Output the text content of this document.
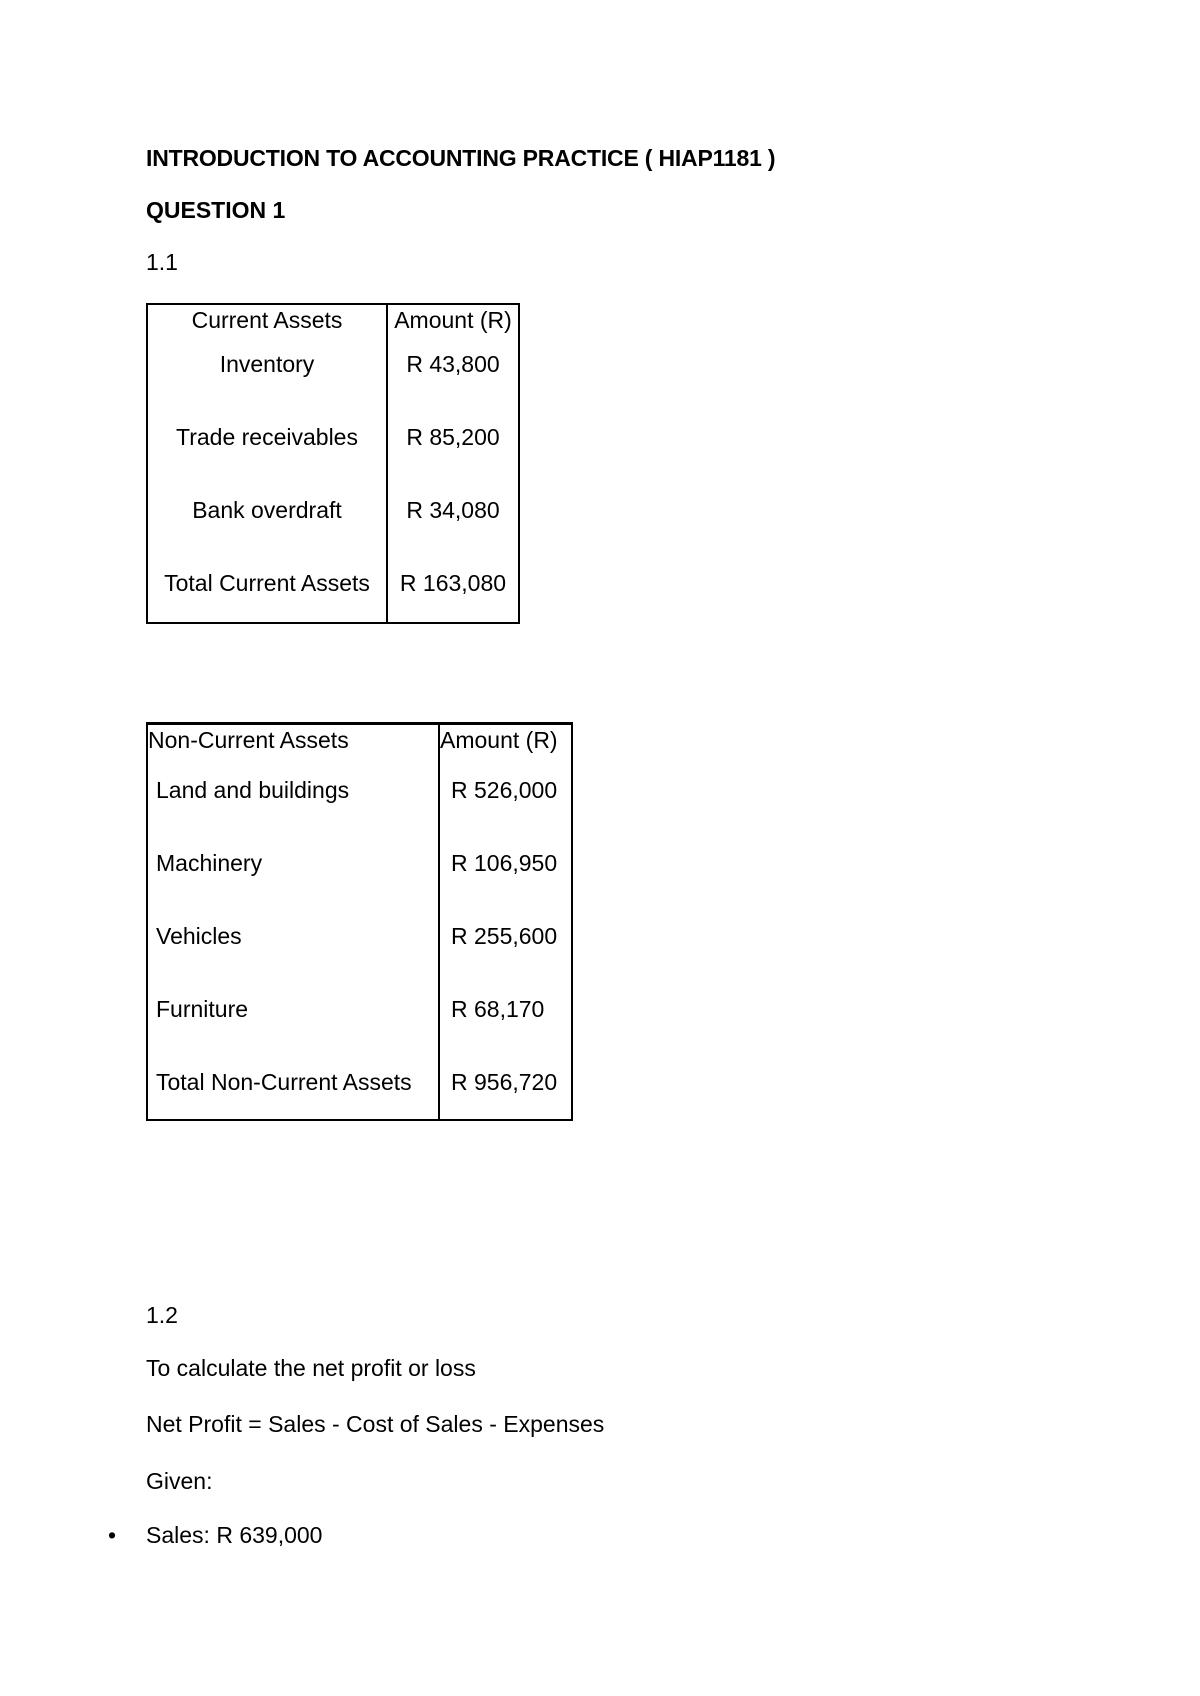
INTRODUCTION TO ACCOUNTING PRACTICE ( HIAP1181 )

QUESTION 1

1.1

Current Assets	Amount (R)
Inventory	R 43,800
Trade receivables	R 85,200
Bank overdraft	R 34,080
Total Current Assets	R 163,080
Non-Current Assets	Amount (R)
Land and buildings	R 526,000
Machinery	R 106,950
Vehicles	R 255,600
Furniture	R 68,170
Total Non-Current Assets	R 956,720

1.2

To calculate the net profit or loss

Net Profit = Sales - Cost of Sales - Expenses

Given:

• Sales: R 639,000
